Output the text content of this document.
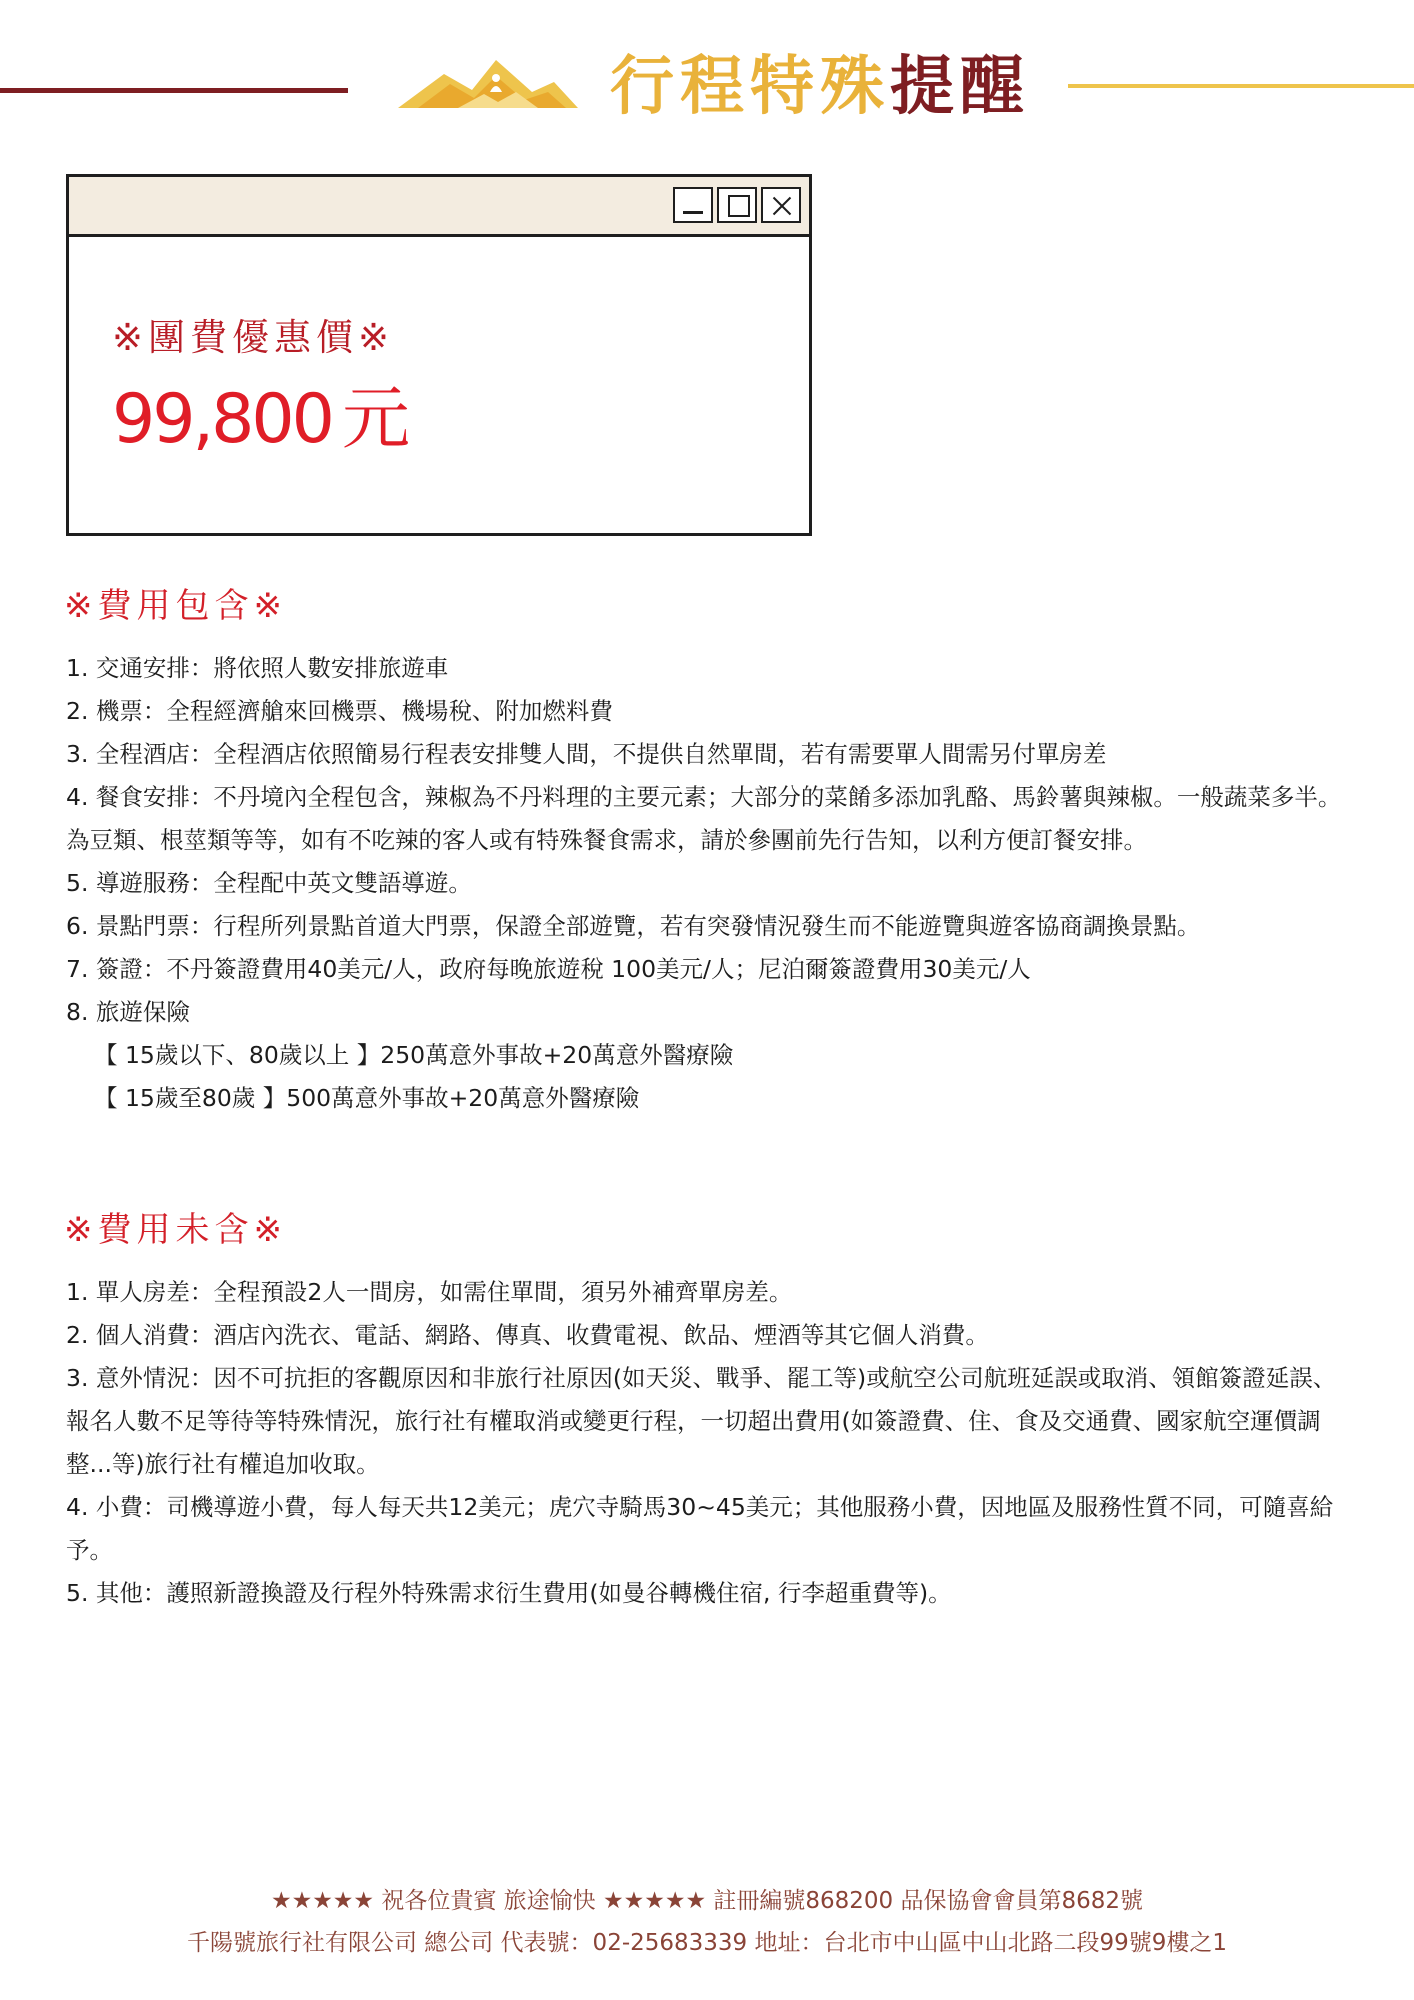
行程特殊提醒
※團費優惠價※
99,800 元
※費用包含※
1. 交通安排：將依照人數安排旅遊車
2. 機票：全程經濟艙來回機票、機場稅、附加燃料費
3. 全程酒店：全程酒店依照簡易行程表安排雙人間，不提供自然單間，若有需要單人間需另付單房差
4. 餐食安排：不丹境內全程包含，辣椒為不丹料理的主要元素；大部分的菜餚多添加乳酪、馬鈴薯與辣椒。一般蔬菜多半。為豆類、根莖類等等，如有不吃辣的客人或有特殊餐食需求，請於參團前先行告知，以利方便訂餐安排。
5. 導遊服務：全程配中英文雙語導遊。
6. 景點門票：行程所列景點首道大門票，保證全部遊覽，若有突發情況發生而不能遊覽與遊客協商調換景點。
7. 簽證：不丹簽證費用40美元/人，政府每晚旅遊稅 100美元/人；尼泊爾簽證費用30美元/人
8. 旅遊保險
【 15歲以下、80歲以上 】250萬意外事故+20萬意外醫療險
【 15歲至80歲 】500萬意外事故+20萬意外醫療險
※費用未含※
1. 單人房差：全程預設2人一間房，如需住單間，須另外補齊單房差。
2. 個人消費：酒店內洗衣、電話、網路、傳真、收費電視、飲品、煙酒等其它個人消費。
3. 意外情況：因不可抗拒的客觀原因和非旅行社原因(如天災、戰爭、罷工等)或航空公司航班延誤或取消、領館簽證延誤、報名人數不足等待等特殊情況，旅行社有權取消或變更行程，一切超出費用(如簽證費、住、食及交通費、國家航空運價調整...等)旅行社有權追加收取。
4. 小費：司機導遊小費，每人每天共12美元；虎穴寺騎馬30~45美元；其他服務小費，因地區及服務性質不同，可隨喜給予。
5. 其他：護照新證換證及行程外特殊需求衍生費用(如曼谷轉機住宿, 行李超重費等)。
★★★★★ 祝各位貴賓 旅途愉快 ★★★★★ 註冊編號868200 品保協會會員第8682號
千陽號旅行社有限公司 總公司 代表號：02-25683339 地址：台北市中山區中山北路二段99號9樓之1
